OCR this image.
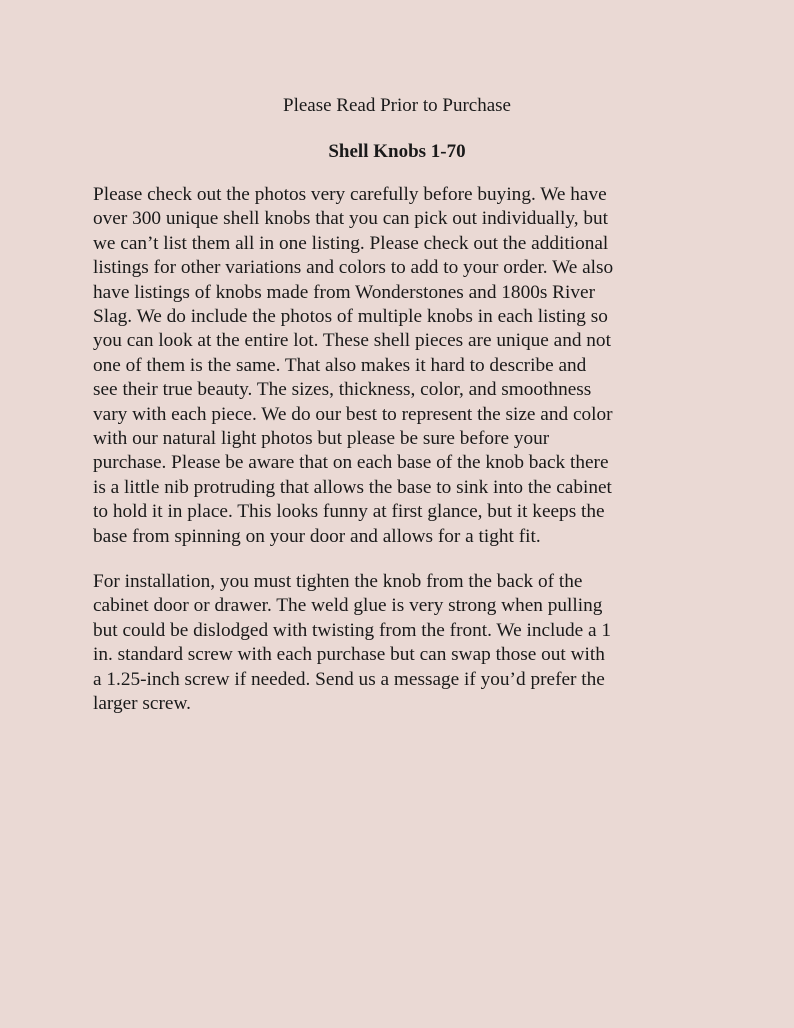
Please Read Prior to Purchase
Shell Knobs 1-70

Please check out the photos very carefully before buying. We have
over 300 unique shell knobs that you can pick out individually, but
we can’t list them all in one listing. Please check out the additional
listings for other variations and colors to add to your order. We also
have listings of knobs made from Wonderstones and 1800s River
Slag. We do include the photos of multiple knobs in each listing so
you can look at the entire lot. These shell pieces are unique and not
one of them is the same. That also makes it hard to describe and
see their true beauty. The sizes, thickness, color, and smoothness
vary with each piece. We do our best to represent the size and color
with our natural light photos but please be sure before your
purchase. Please be aware that on each base of the knob back there
is a little nib protruding that allows the base to sink into the cabinet
to hold it in place. This looks funny at first glance, but it keeps the
base from spinning on your door and allows for a tight fit.

For installation, you must tighten the knob from the back of the
cabinet door or drawer. The weld glue is very strong when pulling
but could be dislodged with twisting from the front. We include a 1
in. standard screw with each purchase but can swap those out with
a 1.25-inch screw if needed. Send us a message if you’d prefer the
larger screw.
